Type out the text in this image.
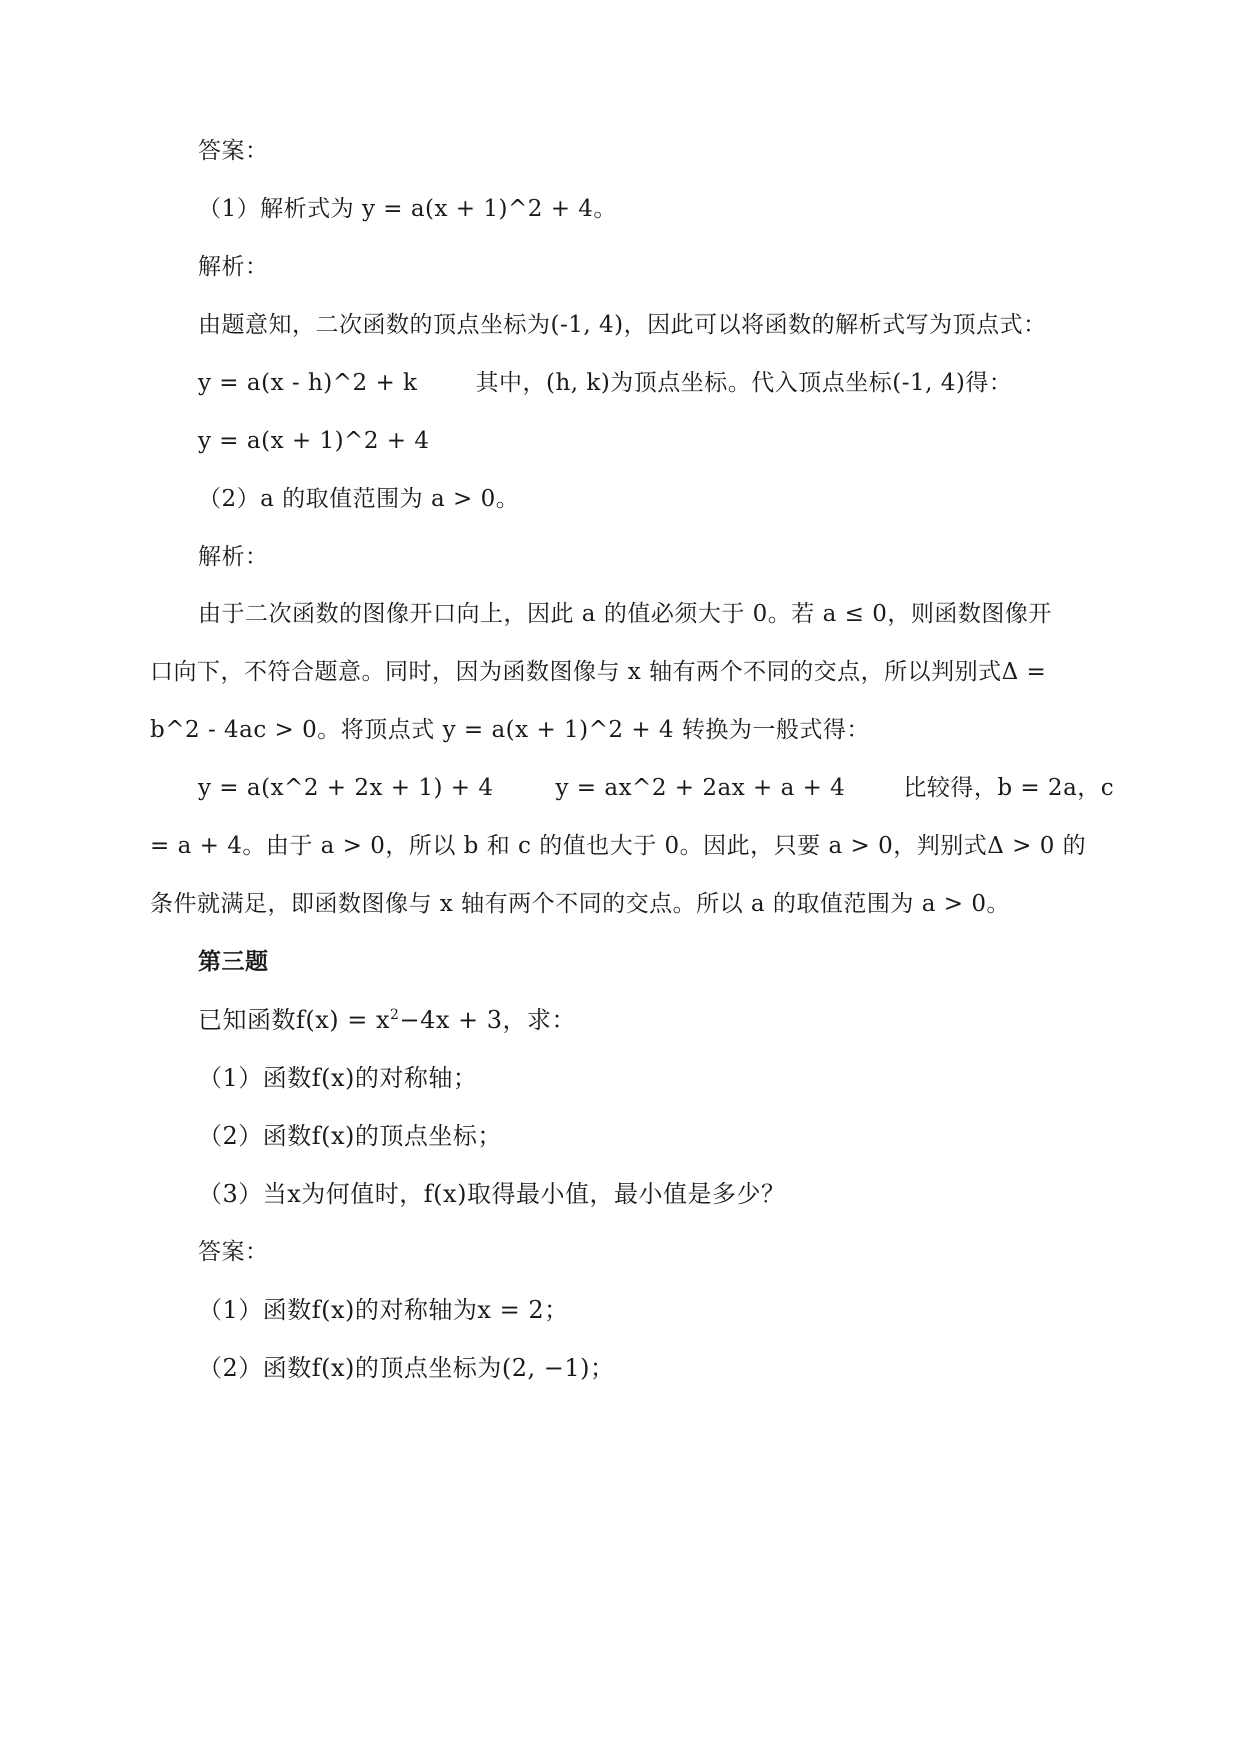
答案：
（1）解析式为 y = a(x + 1)^2 + 4。
解析：
由题意知，二次函数的顶点坐标为(-1, 4)，因此可以将函数的解析式写为顶点式：
y = a(x - h)^2 + k	其中，(h, k)为顶点坐标。代入顶点坐标(-1, 4)得：
y = a(x + 1)^2 + 4
（2）a 的取值范围为 a > 0。
解析：
由于二次函数的图像开口向上，因此 a 的值必须大于 0。若 a ≤ 0，则函数图像开
口向下，不符合题意。同时，因为函数图像与 x 轴有两个不同的交点，所以判别式Δ =
b^2 - 4ac > 0。将顶点式 y = a(x + 1)^2 + 4 转换为一般式得：
y = a(x^2 + 2x + 1) + 4	y = ax^2 + 2ax + a + 4	比较得，b = 2a，c
= a + 4。由于 a > 0，所以 b 和 c 的值也大于 0。因此，只要 a > 0，判别式Δ > 0 的
条件就满足，即函数图像与 x 轴有两个不同的交点。所以 a 的取值范围为 a > 0。
第三题
已知函数$f(x) = x^2-4x + 3$，求：
（1）函数f(x)的对称轴；
（2）函数f(x)的顶点坐标；
（3）当x为何值时，f(x)取得最小值，最小值是多少？
答案：
（1）函数f(x)的对称轴为x = 2；
（2）函数f(x)的顶点坐标为(2, −1)；
